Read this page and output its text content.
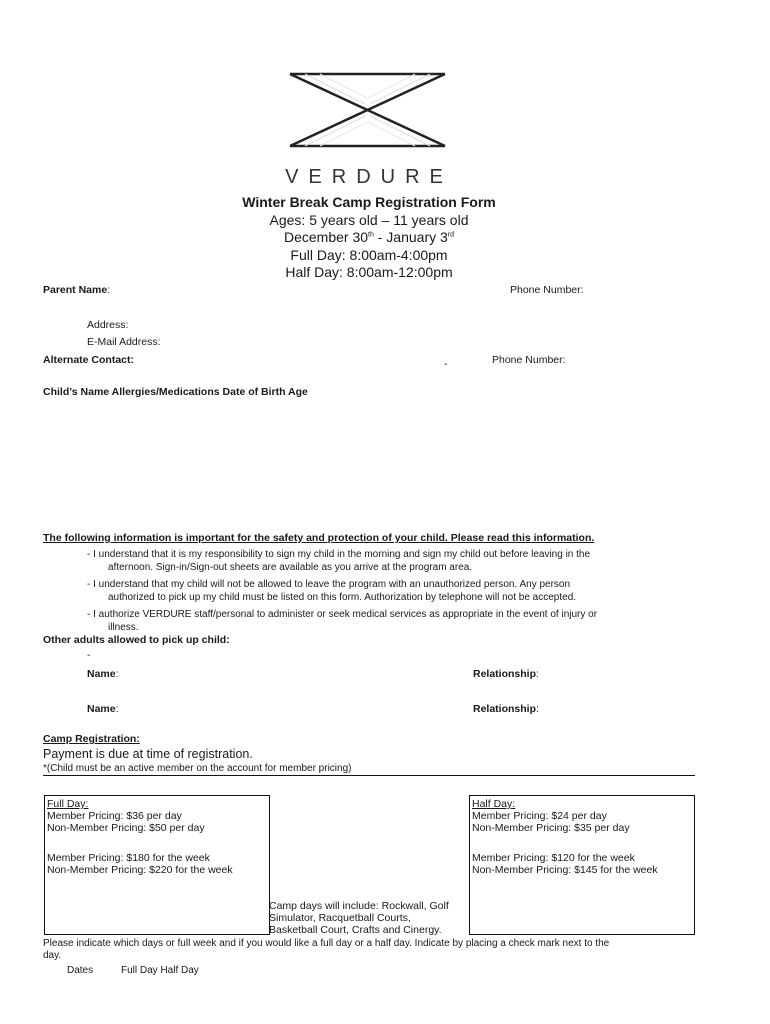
VERDURE
Winter Break Camp Registration Form
Ages: 5 years old – 11 years old
December 30th - January 3rd
Full Day: 8:00am-4:00pm
Half Day: 8:00am-12:00pm
Parent Name:	Phone Number:
Address:
E-Mail Address:
Alternate Contact:	-	Phone Number:
Child’s Name Allergies/Medications Date of Birth Age
The following information is important for the safety and protection of your child. Please read this information.
- I understand that it is my responsibility to sign my child in the morning and sign my child out before leaving in the
afternoon. Sign-in/Sign-out sheets are available as you arrive at the program area.
- I understand that my child will not be allowed to leave the program with an unauthorized person. Any person
authorized to pick up my child must be listed on this form. Authorization by telephone will not be accepted.
- I authorize VERDURE staff/personal to administer or seek medical services as appropriate in the event of injury or
illness.
Other adults allowed to pick up child:
-
Name:	Relationship:
Name:	Relationship:
Camp Registration:
Payment is due at time of registration.
*(Child must be an active member on the account for member pricing)

Full Day:

Member Pricing: $36 per day

Non-Member Pricing: $50 per day

Member Pricing: $180 for the week

Non-Member Pricing: $220 for the week

Half Day:

Member Pricing: $24 per day

Non-Member Pricing: $35 per day

Member Pricing: $120 for the week

Non-Member Pricing: $145 for the week

Camp days will include: Rockwall, Golf

Simulator, Racquetball Courts,

Basketball Court, Crafts and Cinergy.

Please indicate which days or full week and if you would like a full day or a half day. Indicate by placing a check mark next to the
day.
Dates	Full Day Half Day
